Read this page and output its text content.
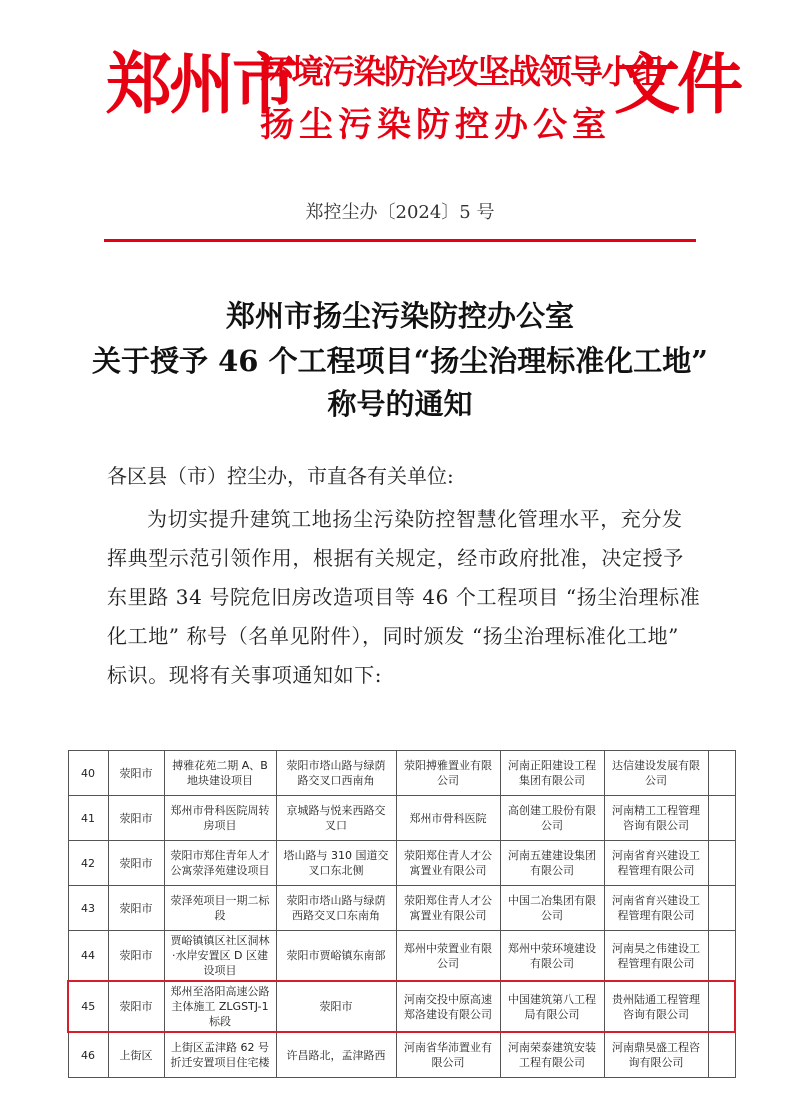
郑州市
环境污染防治攻坚战领导小组
扬尘污染防控办公室
文件
郑控尘办〔2024〕5 号
郑州市扬尘污染防控办公室
关于授予 46 个工程项目“扬尘治理标准化工地”
称号的通知
各区县（市）控尘办，市直各有关单位:
为切实提升建筑工地扬尘污染防控智慧化管理水平，充分发
挥典型示范引领作用，根据有关规定，经市政府批准，决定授予
东里路 34 号院危旧房改造项目等 46 个工程项目 “扬尘治理标准
化工地” 称号（名单见附件），同时颁发 “扬尘治理标准化工地”
标识。现将有关事项通知如下:
40	荥阳市	搏雅花苑二期 A、B 地块建设项目	荥阳市塔山路与绿荫路交叉口西南角	荥阳搏雅置业有限公司	河南正阳建设工程集团有限公司	达信建设发展有限公司	
41	荥阳市	郑州市骨科医院周转房项目	京城路与悦来西路交叉口	郑州市骨科医院	高创建工股份有限公司	河南精工工程管理咨询有限公司	
42	荥阳市	荥阳市郑住青年人才公寓荥泽苑建设项目	塔山路与 310 国道交叉口东北侧	荥阳郑住青人才公寓置业有限公司	河南五建建设集团有限公司	河南省育兴建设工程管理有限公司	
43	荥阳市	荥泽苑项目一期二标段	荥阳市塔山路与绿荫西路交叉口东南角	荥阳郑住青人才公寓置业有限公司	中国二冶集团有限公司	河南省育兴建设工程管理有限公司	
44	荥阳市	贾峪镇镇区社区洞林·水岸安置区 D 区建设项目	荥阳市贾峪镇东南部	郑州中荥置业有限公司	郑州中荥环境建设有限公司	河南昊之伟建设工程管理有限公司	
45	荥阳市	郑州至洛阳高速公路主体施工 ZLGSTJ-1 标段	荥阳市	河南交投中原高速郑洛建设有限公司	中国建筑第八工程局有限公司	贵州陆通工程管理咨询有限公司	
46	上街区	上街区孟津路 62 号折迁安置项目住宅楼	许昌路北，孟津路西	河南省华沛置业有限公司	河南荣泰建筑安装工程有限公司	河南鼎昊盛工程咨询有限公司	
